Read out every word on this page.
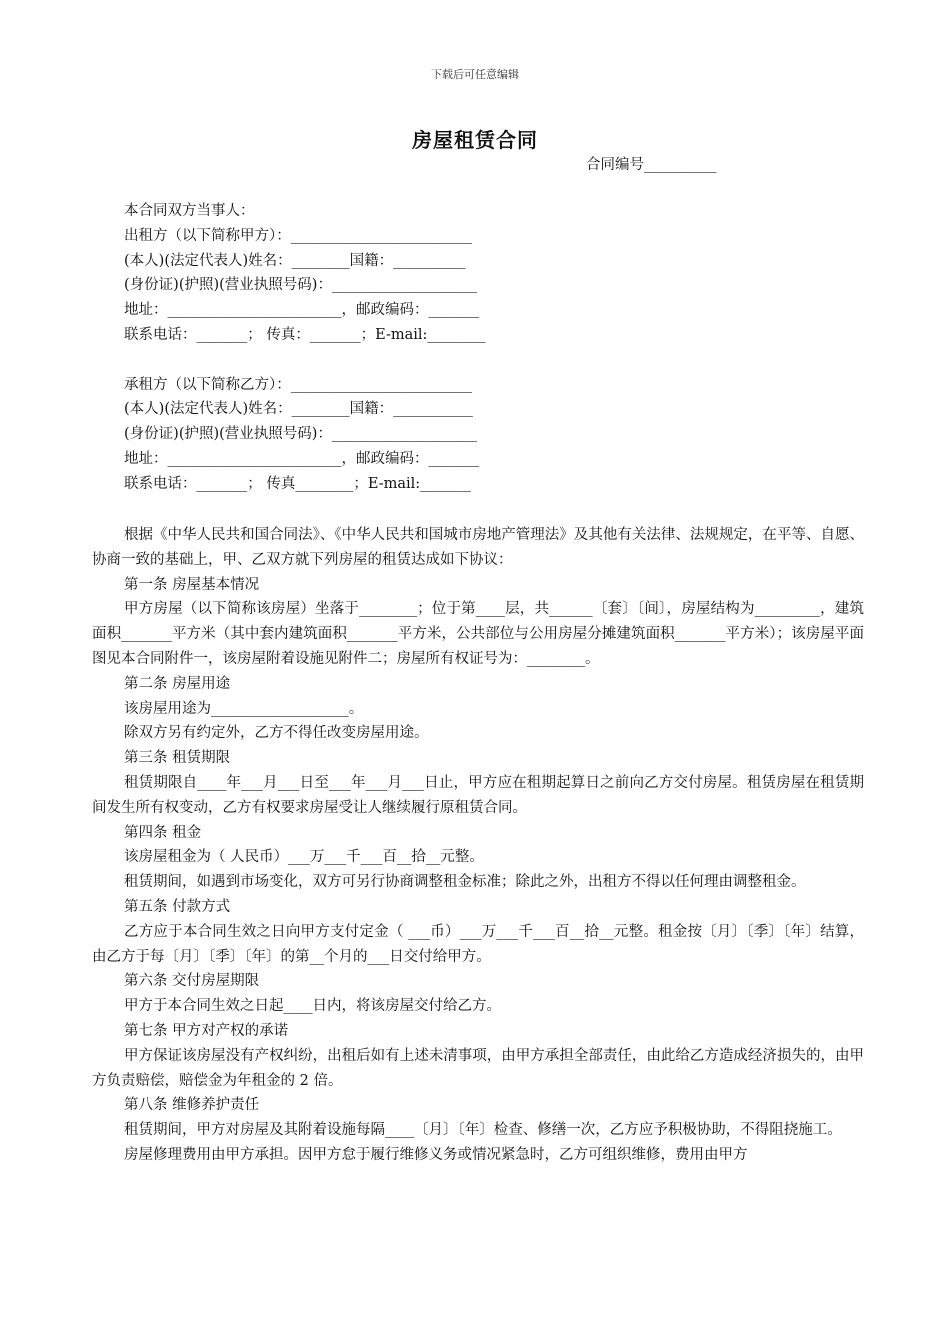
下载后可任意编辑
房屋租赁合同
合同编号__________
本合同双方当事人：
出租方（以下简称甲方）：_________________________
(本人)(法定代表人)姓名：________国籍：__________
(身份证)(护照)(营业执照号码)：____________________
地址：________________________，邮政编码：_______
联系电话：_______； 传真：_______；E-mail:________
承租方（以下简称乙方）：_________________________
(本人)(法定代表人)姓名：________国籍：___________
(身份证)(护照)(营业执照号码)：____________________
地址：________________________，邮政编码：_______
联系电话：_______； 传真________；E-mail:_______
根据《中华人民共和国合同法》、《中华人民共和国城市房地产管理法》及其他有关法律、法规规定，在平等、自愿、协商一致的基础上，甲、乙双方就下列房屋的租赁达成如下协议：
第一条 房屋基本情况
甲方房屋（以下简称该房屋）坐落于________；位于第____层，共______〔套〕〔间〕，房屋结构为_________，建筑面积_______平方米（其中套内建筑面积_______平方米，公共部位与公用房屋分摊建筑面积_______平方米）；该房屋平面图见本合同附件一，该房屋附着设施见附件二；房屋所有权证号为：________。
第二条 房屋用途
该房屋用途为___________________。
除双方另有约定外，乙方不得任改变房屋用途。
第三条 租赁期限
租赁期限自____年___月___日至___年___月___日止，甲方应在租期起算日之前向乙方交付房屋。租赁房屋在租赁期间发生所有权变动，乙方有权要求房屋受让人继续履行原租赁合同。
第四条 租金
该房屋租金为（ 人民币）___万___千___百__拾__元整。
租赁期间，如遇到市场变化，双方可另行协商调整租金标准；除此之外，出租方不得以任何理由调整租金。
第五条 付款方式
乙方应于本合同生效之日向甲方支付定金（ ___币）___万___千___百__拾__元整。租金按〔月〕〔季〕〔年〕结算，由乙方于每〔月〕〔季〕〔年〕的第__个月的___日交付给甲方。
第六条 交付房屋期限
甲方于本合同生效之日起____日内，将该房屋交付给乙方。
第七条 甲方对产权的承诺
甲方保证该房屋没有产权纠纷，出租后如有上述未清事项，由甲方承担全部责任，由此给乙方造成经济损失的，由甲方负责赔偿，赔偿金为年租金的 2 倍。
第八条 维修养护责任
租赁期间，甲方对房屋及其附着设施每隔____〔月〕〔年〕检查、修缮一次，乙方应予积极协助，不得阻挠施工。
房屋修理费用由甲方承担。因甲方怠于履行维修义务或情况紧急时，乙方可组织维修，费用由甲方
